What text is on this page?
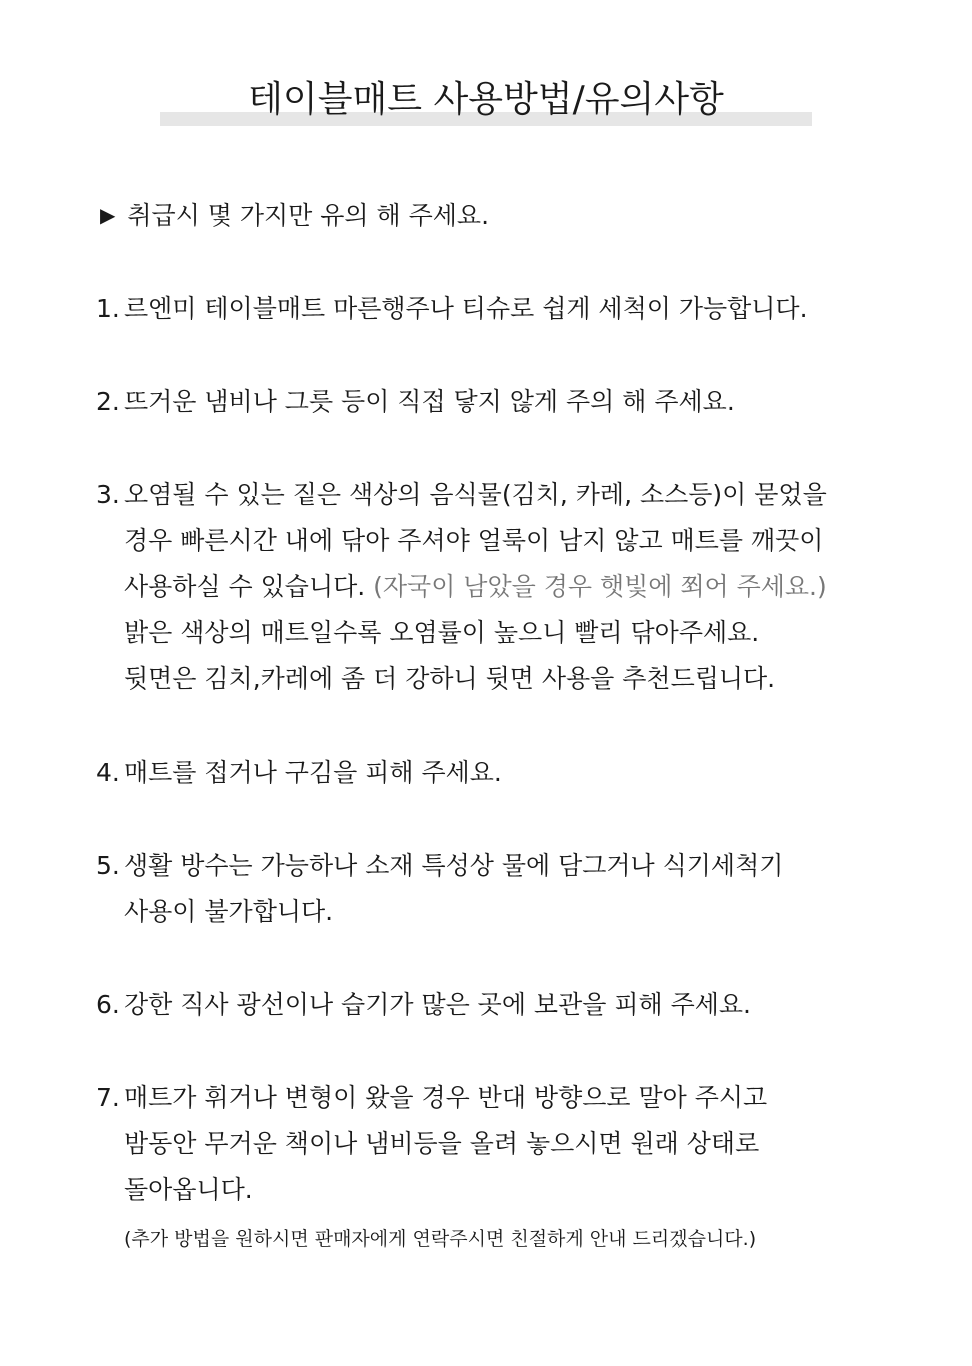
테이블매트 사용방법/유의사항
▶ 취급시 몇 가지만 유의 해 주세요.
1. 르엔미 테이블매트 마른행주나 티슈로 쉽게 세척이 가능합니다.
2. 뜨거운 냄비나 그릇 등이 직접 닿지 않게 주의 해 주세요.
3. 오염될 수 있는 짙은 색상의 음식물(김치, 카레, 소스등)이 묻었을
경우 빠른시간 내에 닦아 주셔야 얼룩이 남지 않고 매트를 깨끗이
사용하실 수 있습니다. (자국이 남았을 경우 햇빛에 쬐어 주세요.)
밝은 색상의 매트일수록 오염률이 높으니 빨리 닦아주세요.
뒷면은 김치,카레에 좀 더 강하니 뒷면 사용을 추천드립니다.
4. 매트를 접거나 구김을 피해 주세요.
5. 생활 방수는 가능하나 소재 특성상 물에 담그거나 식기세척기
사용이 불가합니다.
6. 강한 직사 광선이나 습기가 많은 곳에 보관을 피해 주세요.
7. 매트가 휘거나 변형이 왔을 경우 반대 방향으로 말아 주시고
밤동안 무거운 책이나 냄비등을 올려 놓으시면 원래 상태로
돌아옵니다.
(추가 방법을 원하시면 판매자에게 연락주시면 친절하게 안내 드리겠습니다.)
